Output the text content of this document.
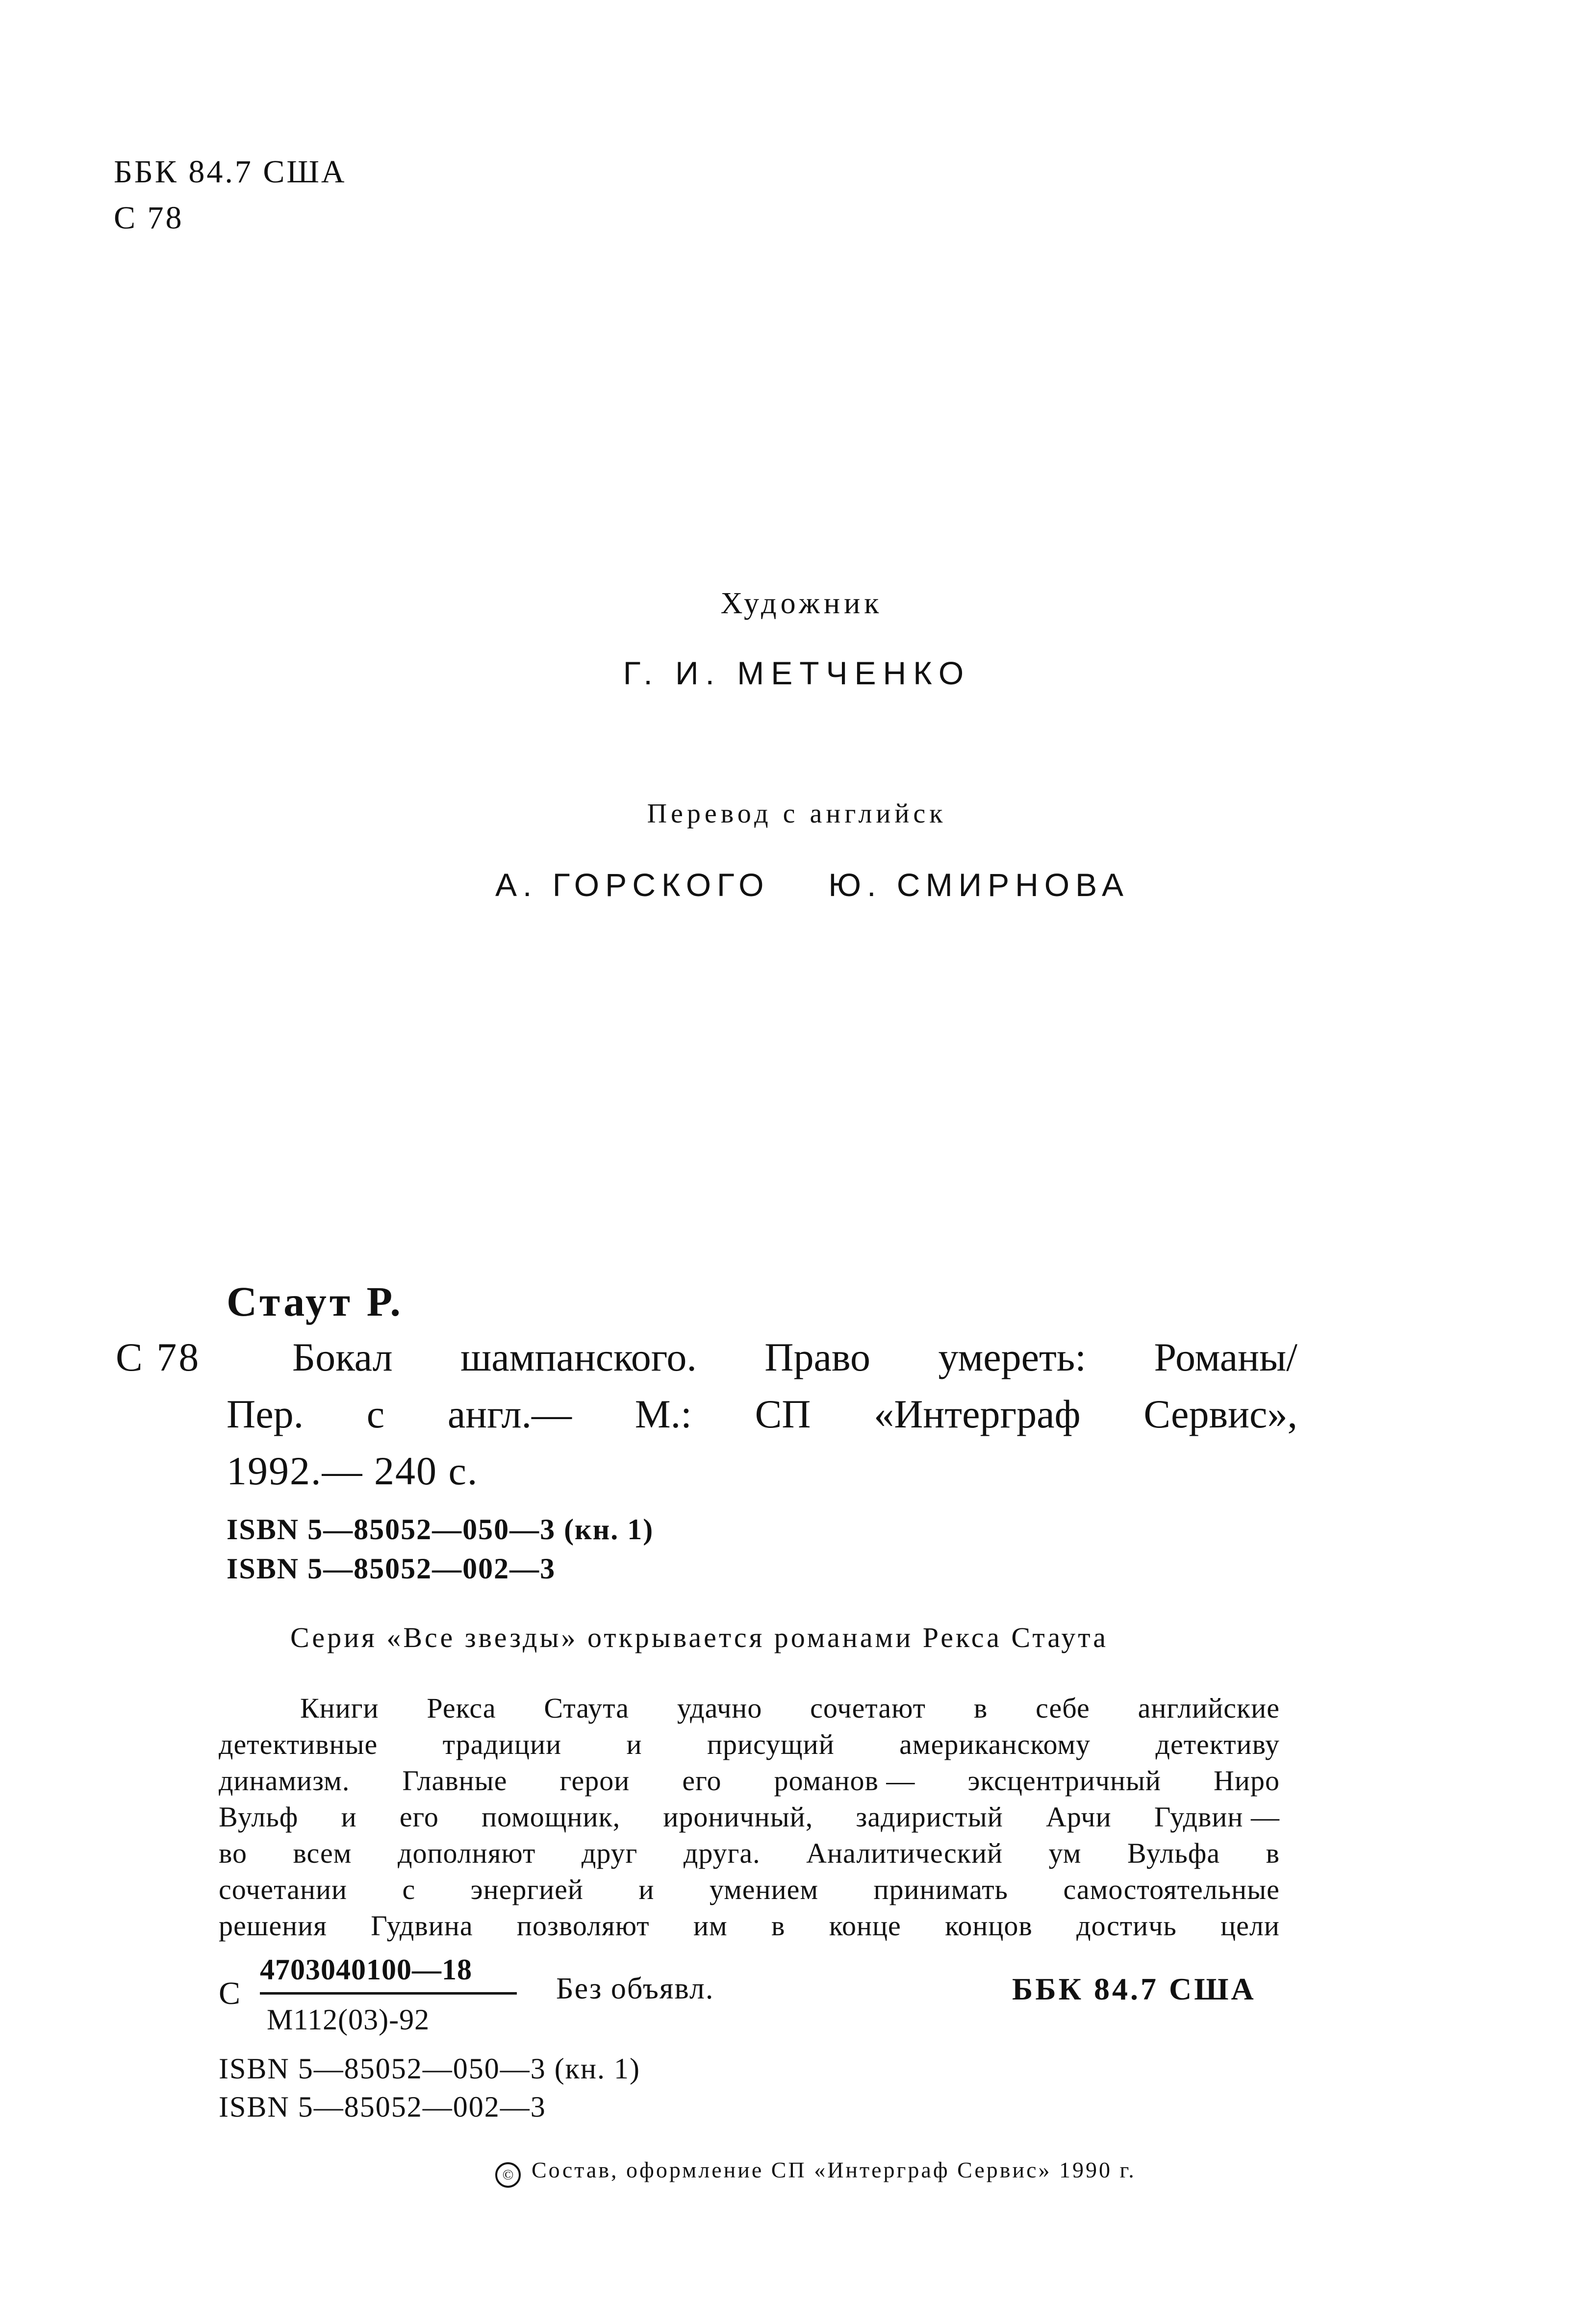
ББК 84.7 США
С 78
Художник
Г. И. МЕТЧЕНКО
Перевод с английск
А. ГОРСКОГО Ю. СМИРНОВА
Стаут Р.
С 78 Бокал шампанского. Право умереть: Романы/
Пер. с англ.— М.: СП «Интерграф Сервис»,
1992.— 240 с.
ISBN 5—85052—050—3 (кн. 1)
ISBN 5—85052—002—3
Серия «Все звезды» открывается романами Рекса Стаута
Книги Рекса Стаута удачно сочетают в себе английские
детективные традиции и присущий американскому детективу
динамизм. Главные герои его романов — эксцентричный Ниро
Вульф и его помощник, ироничный, задиристый Арчи Гудвин —
во всем дополняют друг друга. Аналитический ум Вульфа в
сочетании с энергией и умением принимать самостоятельные
решения Гудвина позволяют им в конце концов достичь цели
С
4703040100—18
М112(03)-92
Без объявл.	ББК 84.7 США
ISBN 5—85052—050—3 (кн. 1)
ISBN 5—85052—002—3
© Состав, оформление СП «Интерграф Сервис» 1990 г.
